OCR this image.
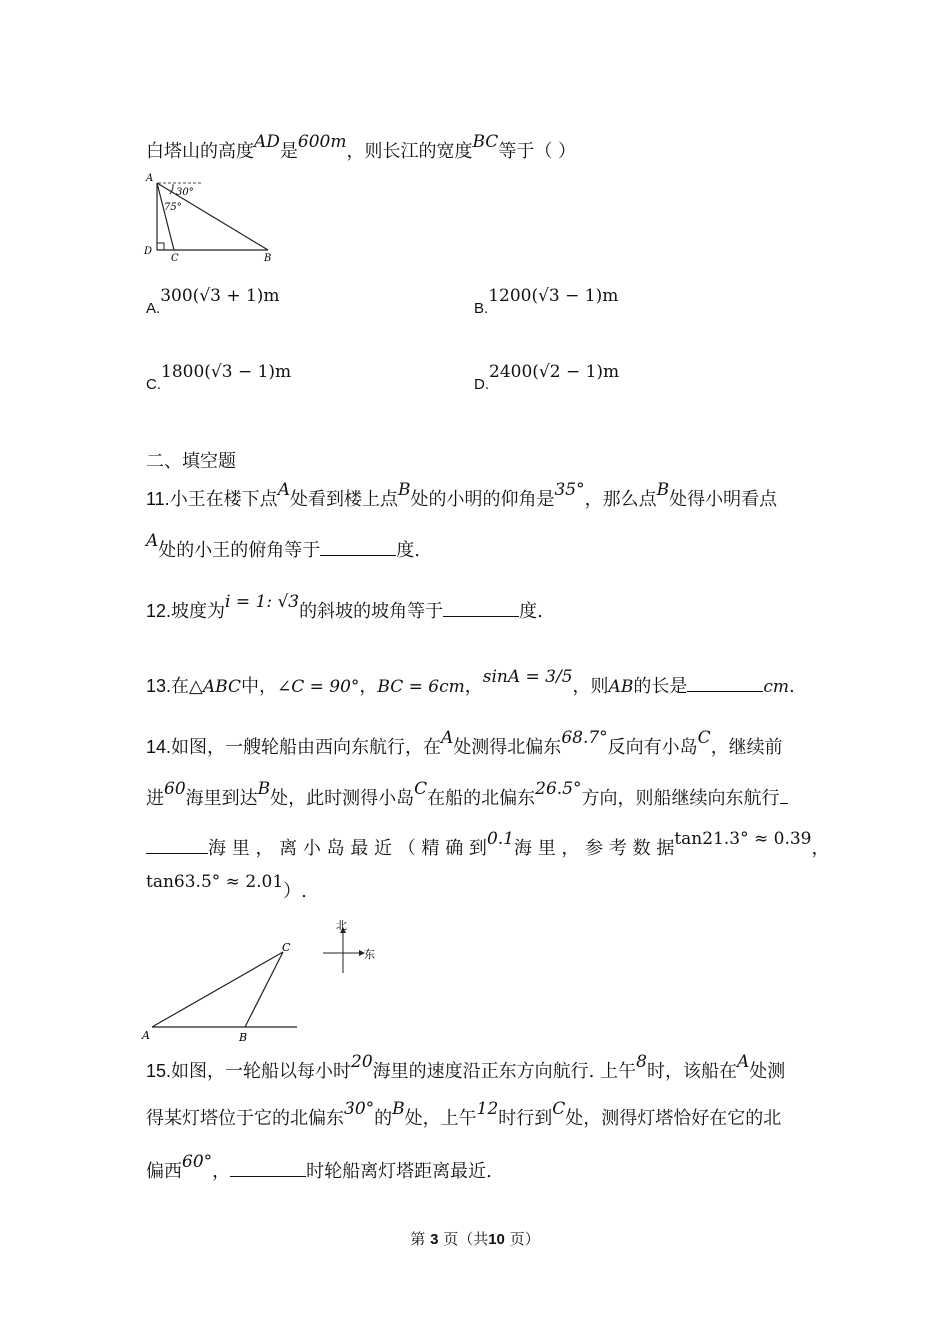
白塔山的高度AD是600m，则长江的宽度BC等于（ ）
A
D
C	B
30°
75°
A.300(√3 + 1)m
B.1200(√3 − 1)m
C.1800(√3 − 1)m
D.2400(√2 − 1)m
二、填空题
11.小王在楼下点A处看到楼上点B处的小明的仰角是35°，那么点B处得小明看点
A处的小王的俯角等于	度.
12.坡度为i = 1: √3的斜坡的坡角等于	度.
13.在△ABC中，∠C = 90°，BC = 6cm，sinA = 3/5，则AB的长是	cm.
14.如图，一艘轮船由西向东航行，在A处测得北偏东68.7°反向有小岛C，继续前
进60海里到达B处，此时测得小岛C在船的北偏东26.5°方向，则船继续向东航行
海 里 ， 离 小 岛 最 近 （ 精 确 到0.1海 里 ， 参 考 数 据tan21.3° ≈ 0.39，
tan63.5° ≈ 2.01）.
A	B
C
北
东
15.如图，一轮船以每小时20海里的速度沿正东方向航行. 上午8时，该船在A处测
得某灯塔位于它的北偏东30°的B处，上午12时行到C处，测得灯塔恰好在它的北
偏西60°，	时轮船离灯塔距离最近.
第 3 页（共10 页）
